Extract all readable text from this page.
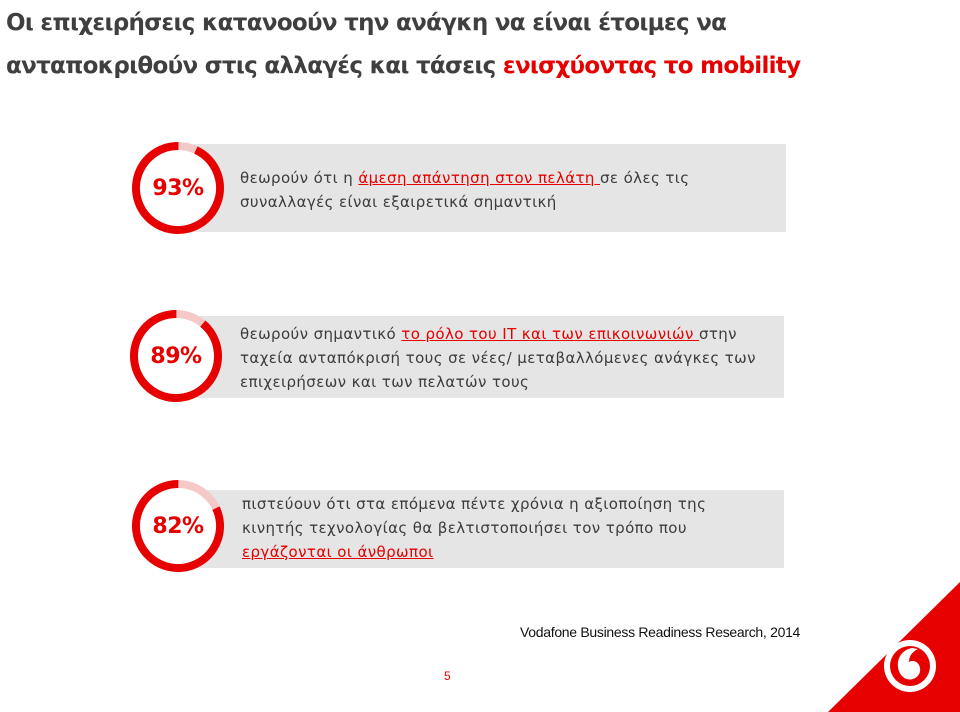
Οι επιχειρήσεις κατανοούν την ανάγκη να είναι έτοιμες να
ανταποκριθούν στις αλλαγές και τάσεις ενισχύοντας το mobility
93%	θεωρούν ότι η άμεση απάντηση στον πελάτη σε όλες τις συναλλαγές είναι εξαιρετικά σημαντική
89%
θεωρούν σημαντικό το ρόλο του IT και των επικοινωνιών στην ταχεία ανταπόκρισή τους σε νέες/ μεταβαλλόμενες ανάγκες των επιχειρήσεων και των πελατών τους
82%
πιστεύουν ότι στα επόμενα πέντε χρόνια η αξιοποίηση της κινητής τεχνολογίας θα βελτιστοποιήσει τον τρόπο που εργάζονται οι άνθρωποι
Vodafone Business Readiness Research, 2014
5
